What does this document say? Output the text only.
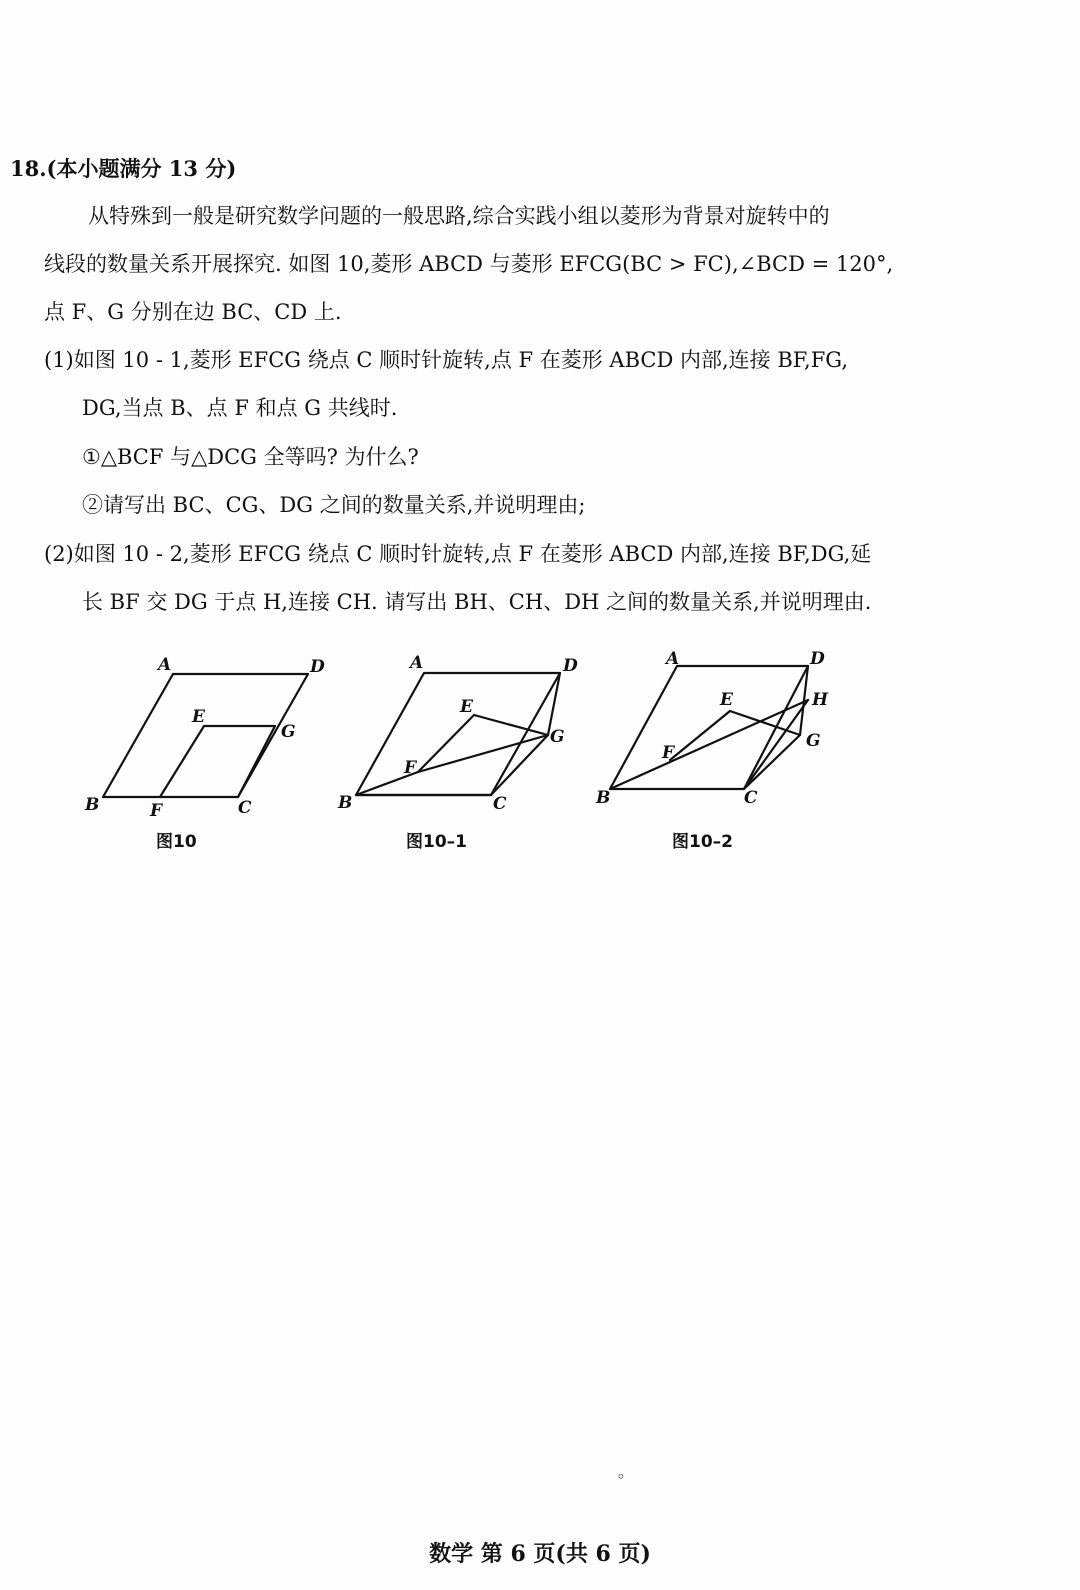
18.(本小题满分 13 分)
从特殊到一般是研究数学问题的一般思路,综合实践小组以菱形为背景对旋转中的
线段的数量关系开展探究. 如图 10,菱形 ABCD 与菱形 EFCG(BC > FC),∠BCD = 120°,
点 F、G 分别在边 BC、CD 上.
(1)如图 10 - 1,菱形 EFCG 绕点 C 顺时针旋转,点 F 在菱形 ABCD 内部,连接 BF,FG,
DG,当点 B、点 F 和点 G 共线时.
①△BCF 与△DCG 全等吗? 为什么?
②请写出 BC、CG、DG 之间的数量关系,并说明理由;
(2)如图 10 - 2,菱形 EFCG 绕点 C 顺时针旋转,点 F 在菱形 ABCD 内部,连接 BF,DG,延
长 BF 交 DG 于点 H,连接 CH. 请写出 BH、CH、DH 之间的数量关系,并说明理由.
A	D
B	F	C
E
G
A	D
B	C
E
F
G
A	D
H
B	C
E
F
G
图10	图10–1	图10–2
。
数学 第 6 页(共 6 页)
